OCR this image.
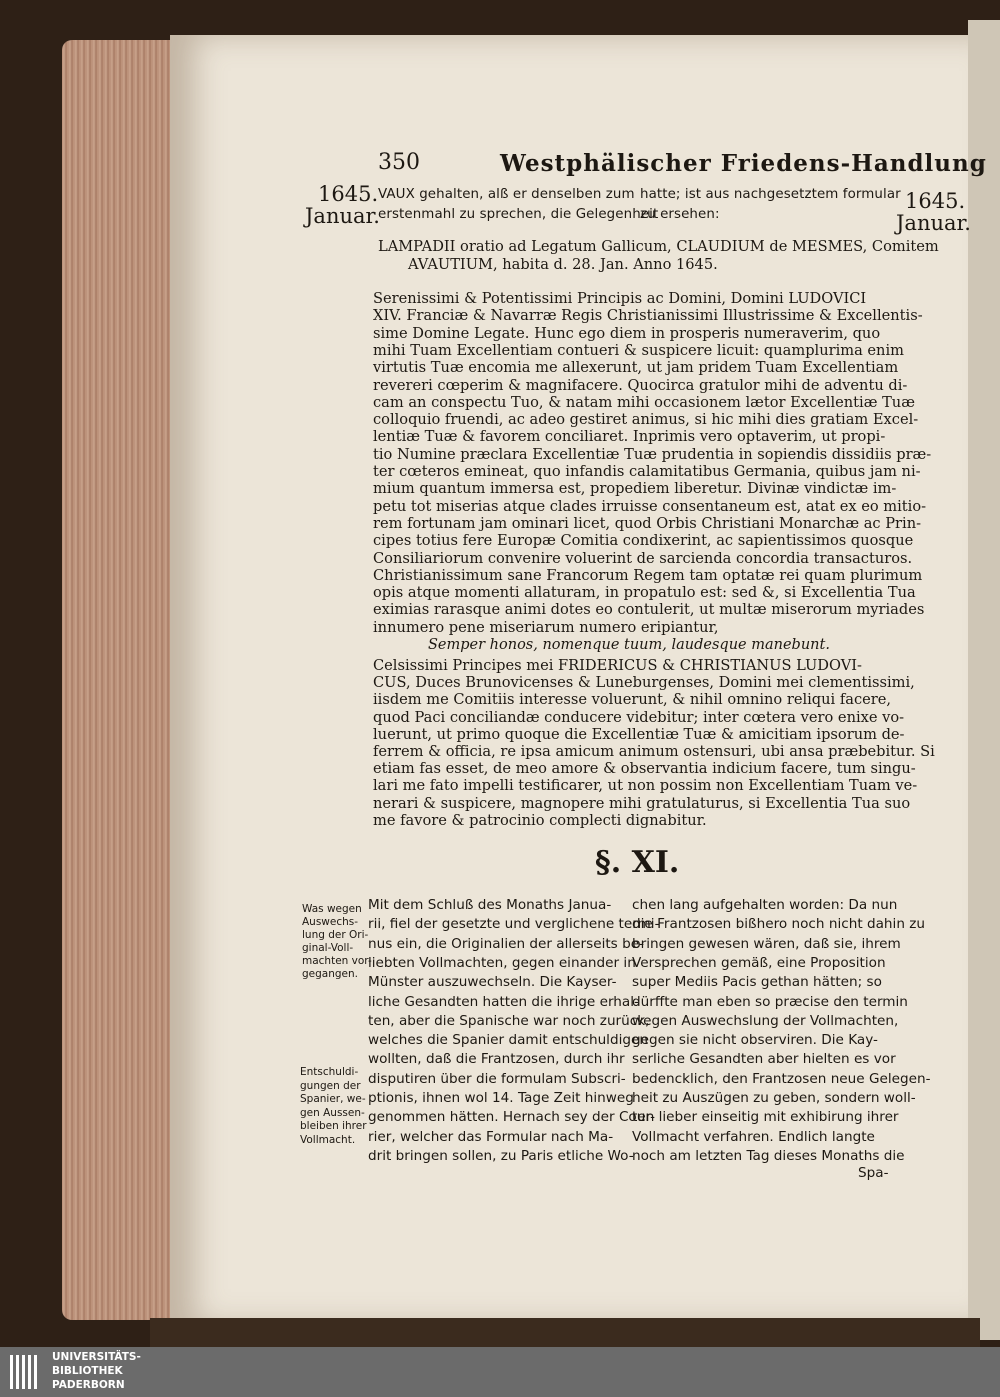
350	Westphälischer Friedens-Handlung
1645.
Januar.
1645.
Januar.
VAUX gehalten, alß er denselben zum
erstenmahl zu sprechen, die Gelegenheit
hatte; ist aus nachgesetztem formular
zu ersehen:
LAMPADII oratio ad Legatum Gallicum, CLAUDIUM de MESMES, Comitem
AVAUTIUM, habita d. 28. Jan. Anno 1645.
Serenissimi & Potentissimi Principis ac Domini, Domini LUDOVICI
XIV. Franciæ & Navarræ Regis Christianissimi Illustrissime & Excellentis-
sime Domine Legate. Hunc ego diem in prosperis numeraverim, quo
mihi Tuam Excellentiam contueri & suspicere licuit: quamplurima enim
virtutis Tuæ encomia me allexerunt, ut jam pridem Tuam Excellentiam
revereri cœperim & magnifacere. Quocirca gratulor mihi de adventu di-
cam an conspectu Tuo, & natam mihi occasionem lætor Excellentiæ Tuæ
colloquio fruendi, ac adeo gestiret animus, si hic mihi dies gratiam Excel-
lentiæ Tuæ & favorem conciliaret. Inprimis vero optaverim, ut propi-
tio Numine præclara Excellentiæ Tuæ prudentia in sopiendis dissidiis præ-
ter cœteros emineat, quo infandis calamitatibus Germania, quibus jam ni-
mium quantum immersa est, propediem liberetur. Divinæ vindictæ im-
petu tot miserias atque clades irruisse consentaneum est, atat ex eo mitio-
rem fortunam jam ominari licet, quod Orbis Christiani Monarchæ ac Prin-
cipes totius fere Europæ Comitia condixerint, ac sapientissimos quosque
Consiliariorum convenire voluerint de sarcienda concordia transacturos.
Christianissimum sane Francorum Regem tam optatæ rei quam plurimum
opis atque momenti allaturam, in propatulo est: sed &, si Excellentia Tua
eximias rarasque animi dotes eo contulerit, ut multæ miserorum myriades
innumero pene miseriarum numero eripiantur,
Semper honos, nomenque tuum, laudesque manebunt.
Celsissimi Principes mei FRIDERICUS & CHRISTIANUS LUDOVI-
CUS, Duces Brunovicenses & Luneburgenses, Domini mei clementissimi,
iisdem me Comitiis interesse voluerunt, & nihil omnino reliqui facere,
quod Paci conciliandæ conducere videbitur; inter cœtera vero enixe vo-
luerunt, ut primo quoque die Excellentiæ Tuæ & amicitiam ipsorum de-
ferrem & officia, re ipsa amicum animum ostensuri, ubi ansa præbebitur. Si
etiam fas esset, de meo amore & observantia indicium facere, tum singu-
lari me fato impelli testificarer, ut non possim non Excellentiam Tuam ve-
nerari & suspicere, magnopere mihi gratulaturus, si Excellentia Tua suo
me favore & patrocinio complecti dignabitur.
§. XI.
Was wegen
Auswechs-
lung der Ori-
ginal-Voll-
machten vor-
gegangen.
Entschuldi-
gungen der
Spanier, we-
gen Aussen-
bleiben ihrer
Vollmacht.
Mit dem Schluß des Monaths Janua-
rii, fiel der gesetzte und verglichene termi-
nus ein, die Originalien der allerseits be-
liebten Vollmachten, gegen einander in
Münster auszuwechseln. Die Kayser-
liche Gesandten hatten die ihrige erhal-
ten, aber die Spanische war noch zurück,
welches die Spanier damit entschuldigen
wollten, daß die Frantzosen, durch ihr
disputiren über die formulam Subscri-
ptionis, ihnen wol 14. Tage Zeit hinweg
genommen hätten. Hernach sey der Cour-
rier, welcher das Formular nach Ma-
drit bringen sollen, zu Paris etliche Wo-
chen lang aufgehalten worden: Da nun
die Frantzosen bißhero noch nicht dahin zu
bringen gewesen wären, daß sie, ihrem
Versprechen gemäß, eine Proposition
super Mediis Pacis gethan hätten; so
dürffte man eben so præcise den termin
wegen Auswechslung der Vollmachten,
gegen sie nicht observiren. Die Kay-
serliche Gesandten aber hielten es vor
bedencklich, den Frantzosen neue Gelegen-
heit zu Auszügen zu geben, sondern woll-
ten lieber einseitig mit exhibirung ihrer
Vollmacht verfahren. Endlich langte
noch am letzten Tag dieses Monaths die
Spa-
UNIVERSITÄTS-
BIBLIOTHEK
PADERBORN
